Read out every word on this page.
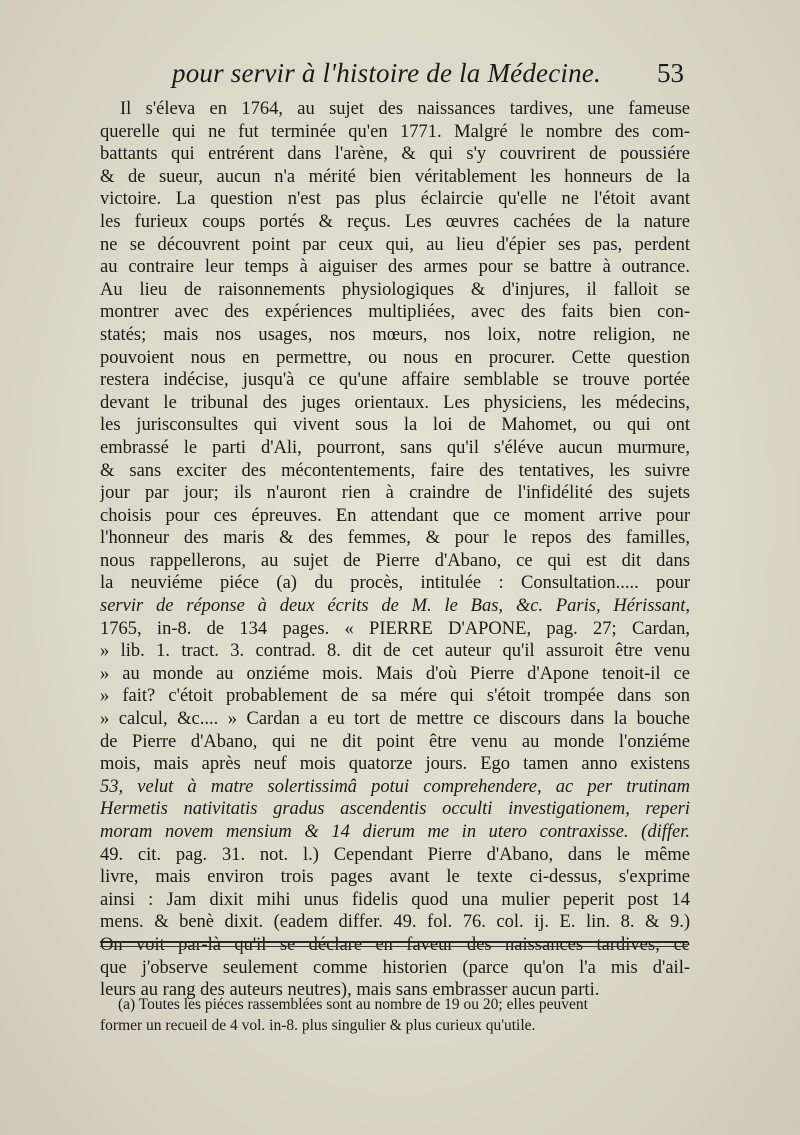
pour servir à l'histoire de la Médecine. 53
Il s'éleva en 1764, au sujet des naissances tardives, une fameuse
querelle qui ne fut terminée qu'en 1771. Malgré le nombre des com-
battants qui entrérent dans l'arène, & qui s'y couvrirent de poussiére
& de sueur, aucun n'a mérité bien véritablement les honneurs de la
victoire. La question n'est pas plus éclaircie qu'elle ne l'étoit avant
les furieux coups portés & reçus. Les œuvres cachées de la nature
ne se découvrent point par ceux qui, au lieu d'épier ses pas, perdent
au contraire leur temps à aiguiser des armes pour se battre à outrance.
Au lieu de raisonnements physiologiques & d'injures, il falloit se
montrer avec des expériences multipliées, avec des faits bien con-
statés; mais nos usages, nos mœurs, nos loix, notre religion, ne
pouvoient nous en permettre, ou nous en procurer. Cette question
restera indécise, jusqu'à ce qu'une affaire semblable se trouve portée
devant le tribunal des juges orientaux. Les physiciens, les médecins,
les jurisconsultes qui vivent sous la loi de Mahomet, ou qui ont
embrassé le parti d'Ali, pourront, sans qu'il s'éléve aucun murmure,
& sans exciter des mécontentements, faire des tentatives, les suivre
jour par jour; ils n'auront rien à craindre de l'infidélité des sujets
choisis pour ces épreuves. En attendant que ce moment arrive pour
l'honneur des maris & des femmes, & pour le repos des familles,
nous rappellerons, au sujet de Pierre d'Abano, ce qui est dit dans
la neuviéme piéce (a) du procès, intitulée : Consultation..... pour
servir de réponse à deux écrits de M. le Bas, &c. Paris, Hérissant,
1765, in-8. de 134 pages. « PIERRE D'APONE, pag. 27; Cardan,
» lib. 1. tract. 3. contrad. 8. dit de cet auteur qu'il assuroit être venu
» au monde au onziéme mois. Mais d'où Pierre d'Apone tenoit-il ce
» fait? c'étoit probablement de sa mére qui s'étoit trompée dans son
» calcul, &c.... » Cardan a eu tort de mettre ce discours dans la bouche
de Pierre d'Abano, qui ne dit point être venu au monde l'onziéme
mois, mais après neuf mois quatorze jours. Ego tamen anno existens
53, velut à matre solertissimâ potui comprehendere, ac per trutinam
Hermetis nativitatis gradus ascendentis occulti investigationem, reperi
moram novem mensium & 14 dierum me in utero contraxisse. (differ.
49. cit. pag. 31. not. l.) Cependant Pierre d'Abano, dans le même
livre, mais environ trois pages avant le texte ci-dessus, s'exprime
ainsi : Jam dixit mihi unus fidelis quod una mulier peperit post 14
mens. & benè dixit. (eadem differ. 49. fol. 76. col. ij. E. lin. 8. & 9.)
On voit par-là qu'il se déclare en faveur des naissances tardives; ce
que j'observe seulement comme historien (parce qu'on l'a mis d'ail-
leurs au rang des auteurs neutres), mais sans embrasser aucun parti.
(a) Toutes les piéces rassemblées sont au nombre de 19 ou 20; elles peuvent
former un recueil de 4 vol. in-8. plus singulier & plus curieux qu'utile.
